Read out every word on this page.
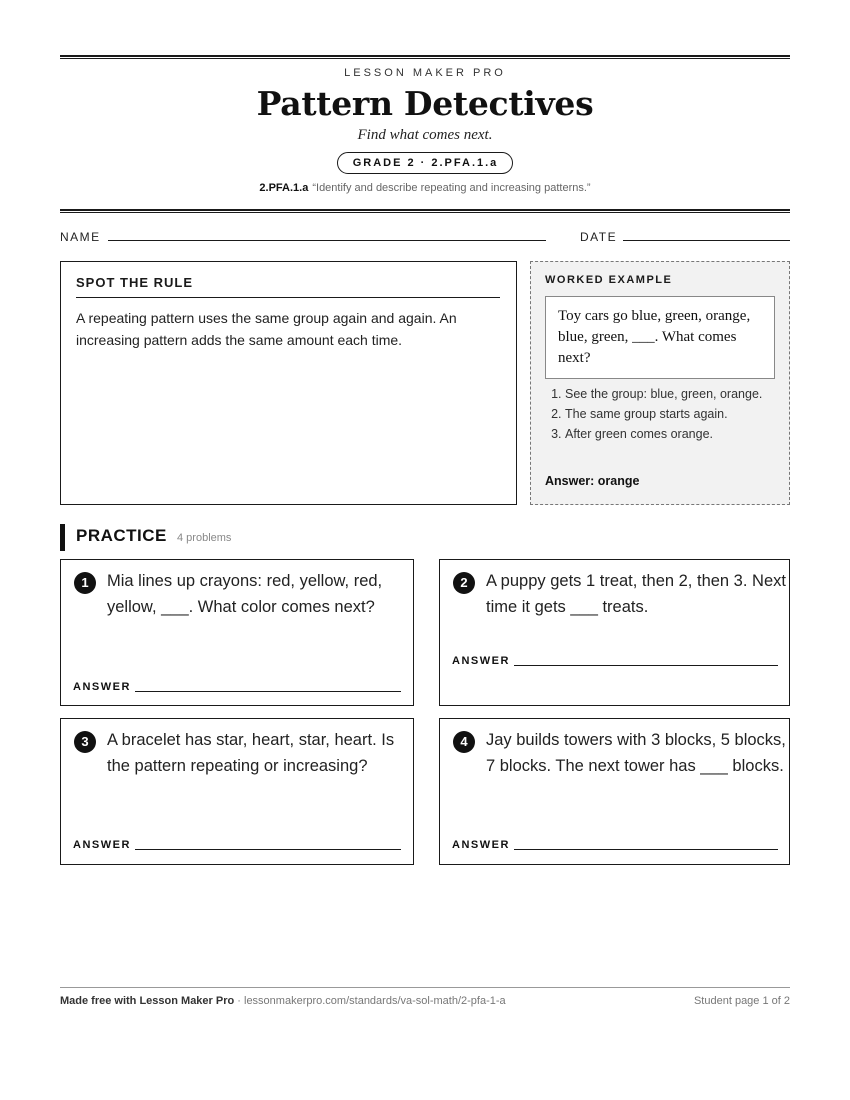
LESSON MAKER PRO
Pattern Detectives
Find what comes next.
GRADE 2 · 2.PFA.1.a
2.PFA.1.a “Identify and describe repeating and increasing patterns.”
NAME	DATE
SPOT THE RULE
A repeating pattern uses the same group again and again. An increasing pattern adds the same amount each time.
WORKED EXAMPLE
Toy cars go blue, green, orange, blue, green, ___. What comes next?
1. See the group: blue, green, orange.
2. The same group starts again.
3. After green comes orange.
Answer: orange
PRACTICE 4 problems
1	Mia lines up crayons: red, yellow, red, yellow, ___. What color comes next?
ANSWER
2	A puppy gets 1 treat, then 2, then 3. Next time it gets ___ treats.
ANSWER
3	A bracelet has star, heart, star, heart. Is the pattern repeating or increasing?
ANSWER
4	Jay builds towers with 3 blocks, 5 blocks, 7 blocks. The next tower has ___ blocks.
ANSWER
Made free with Lesson Maker Pro · lessonmakerpro.com/standards/va-sol-math/2-pfa-1-a	Student page 1 of 2
